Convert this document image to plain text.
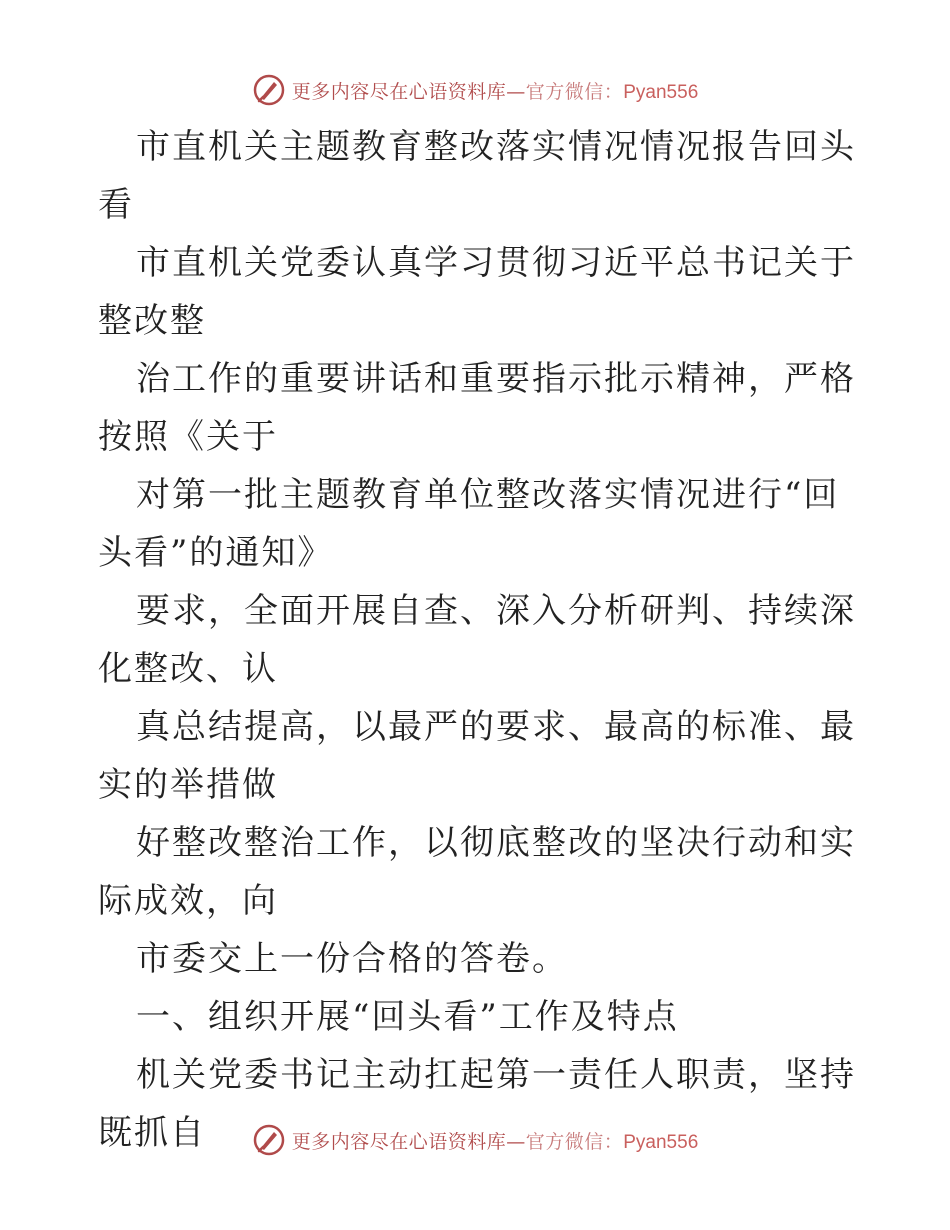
更多内容尽在心语资料库—官方微信：Pyan556

市直机关主题教育整改落实情况情况报告回头看

市直机关党委认真学习贯彻习近平总书记关于整改整

治工作的重要讲话和重要指示批示精神，严格按照《关于

对第一批主题教育单位整改落实情况进行“回头看”的通知》

要求，全面开展自查、深入分析研判、持续深化整改、认

真总结提高，以最严的要求、最高的标准、最实的举措做

好整改整治工作，以彻底整改的坚决行动和实际成效，向

市委交上一份合格的答卷。

一、组织开展“回头看”工作及特点

机关党委书记主动扛起第一责任人职责，坚持既抓自	更多内容尽在心语资料库—官方微信：Pyan556
